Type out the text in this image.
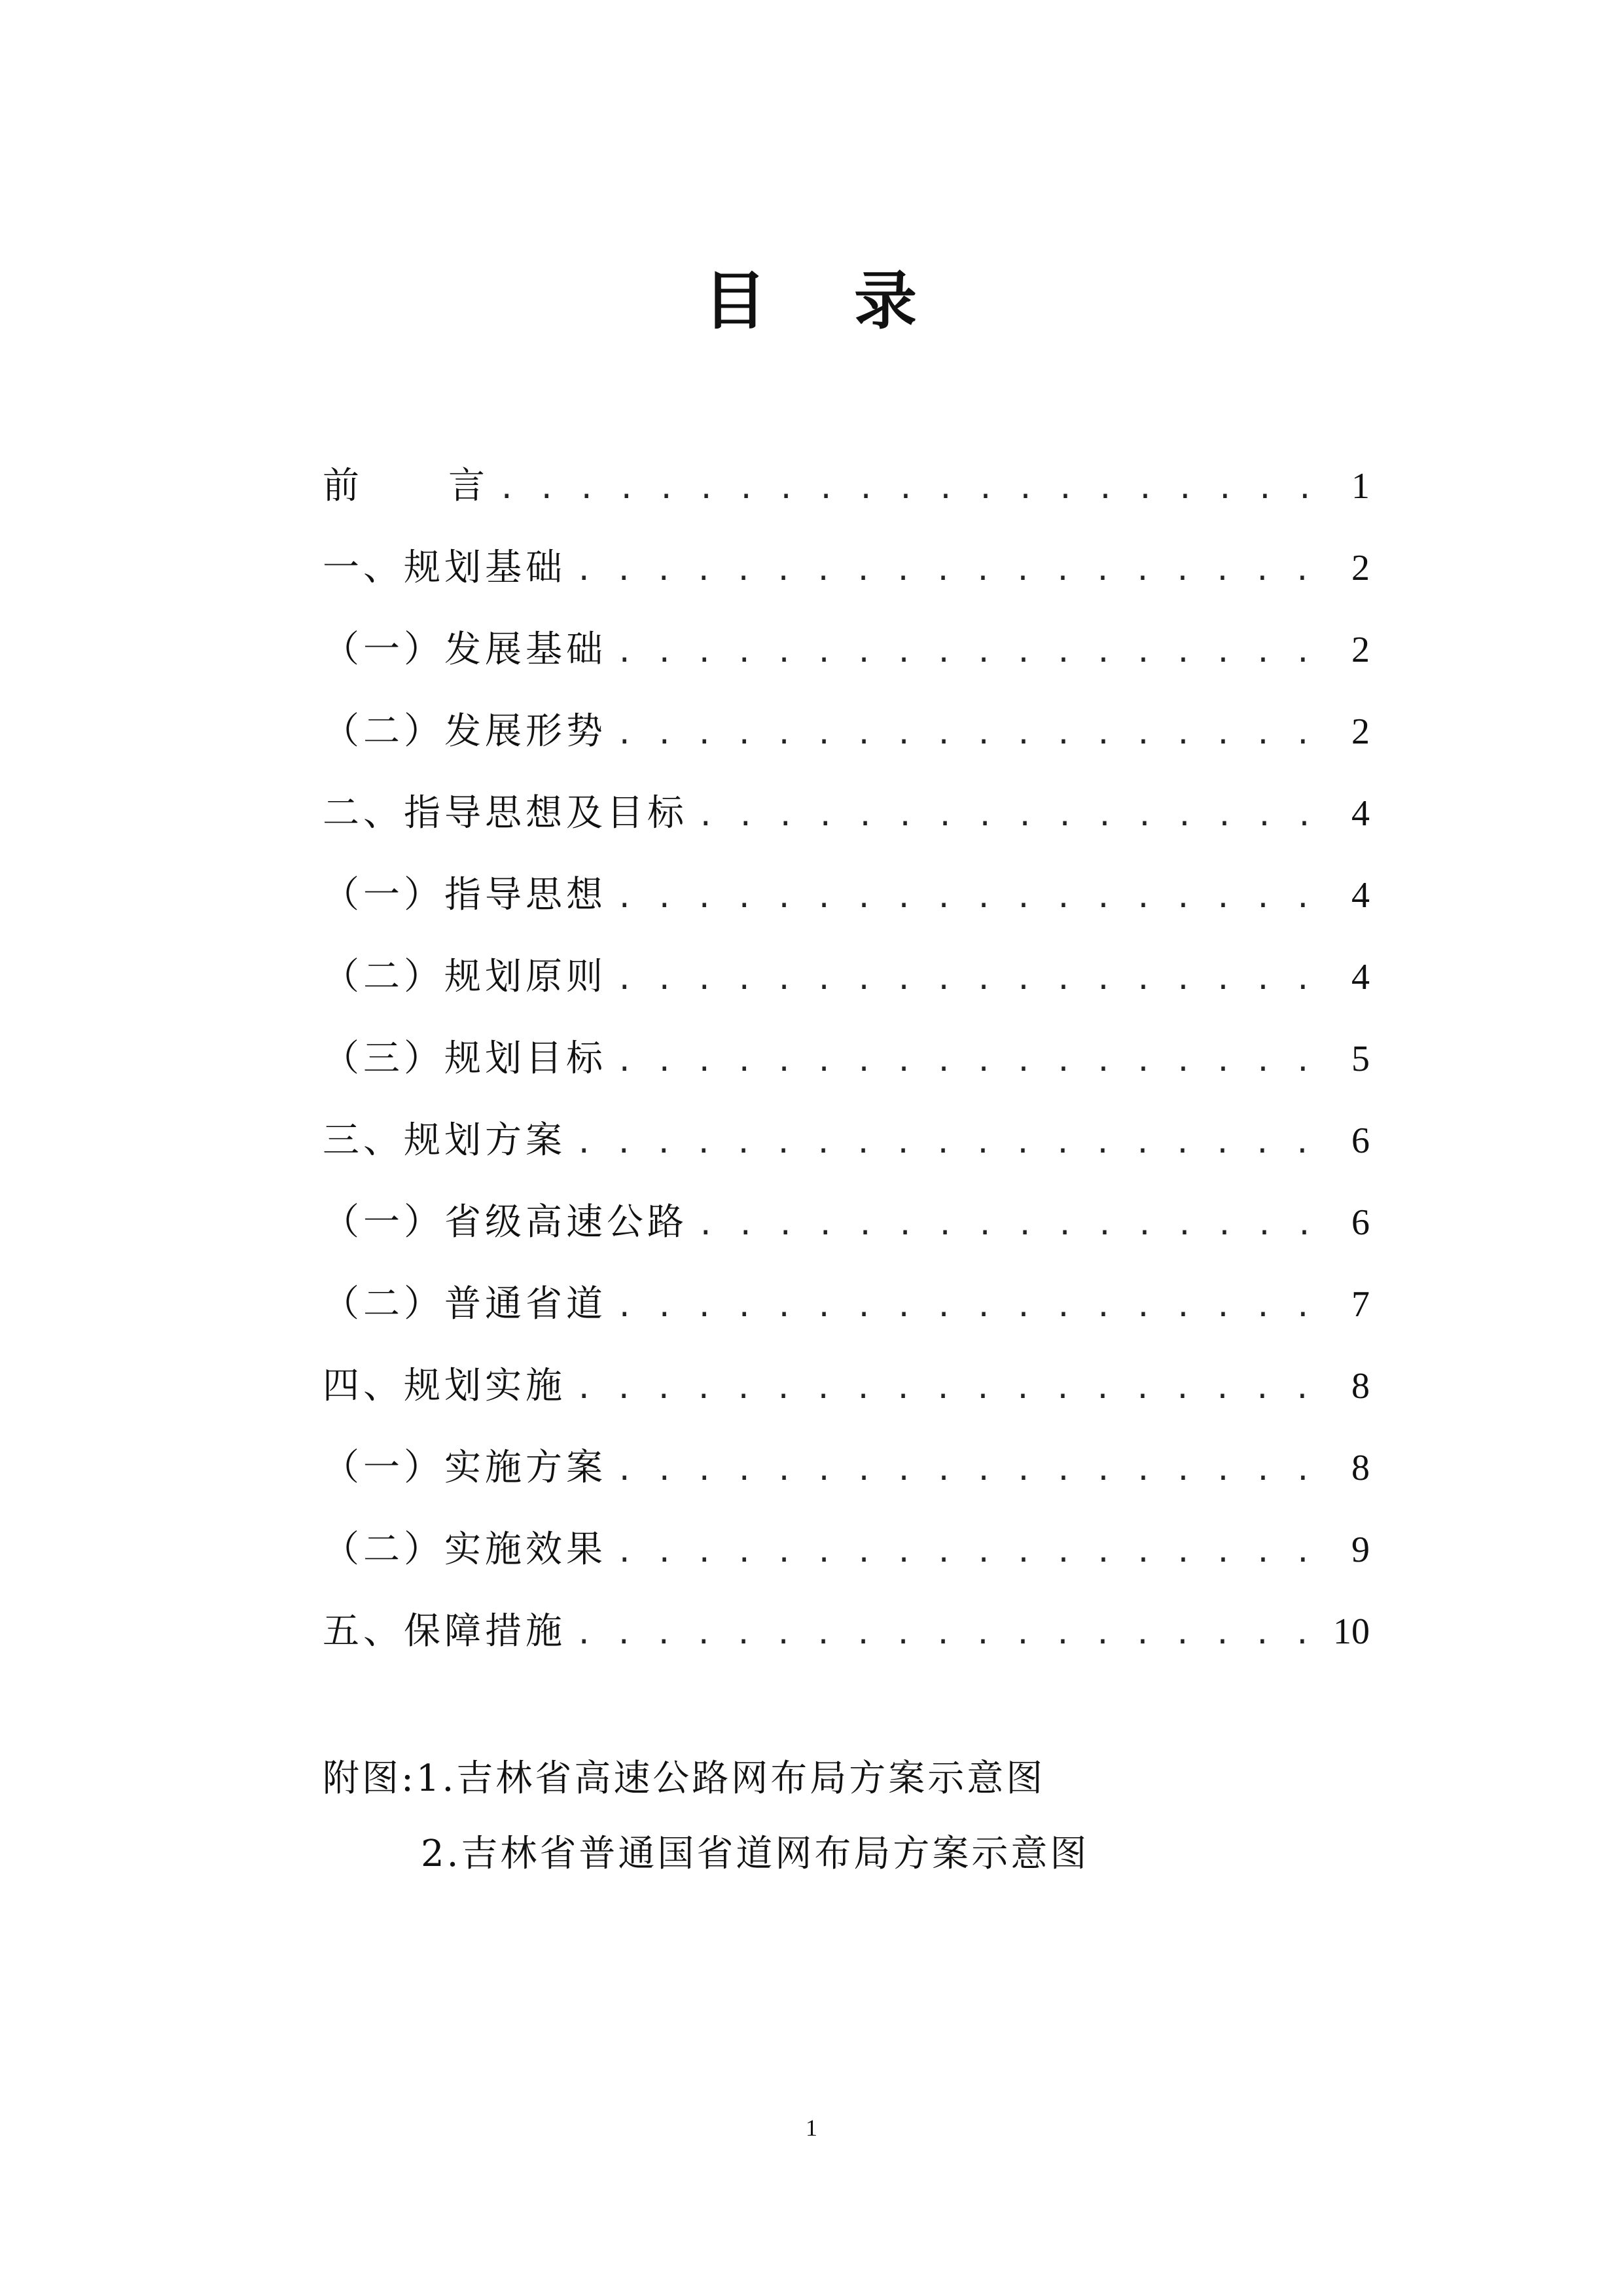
目 录
前 言 . . .	1
一、规划基础 . . .	2
（一）发展基础 . . .	2
（二）发展形势 . . .	2
二、指导思想及目标 . . .	4
（一）指导思想 . . .	4
（二）规划原则 . . .	4
（三）规划目标 . . .	5
三、规划方案 . . .	6
（一）省级高速公路 . . .	6
（二）普通省道 . . .	7
四、规划实施 . . .	8
（一）实施方案 . . .	8
（二）实施效果 . . .	9
五、保障措施 . . .	10
附图:1.吉林省高速公路网布局方案示意图
2.吉林省普通国省道网布局方案示意图
1
